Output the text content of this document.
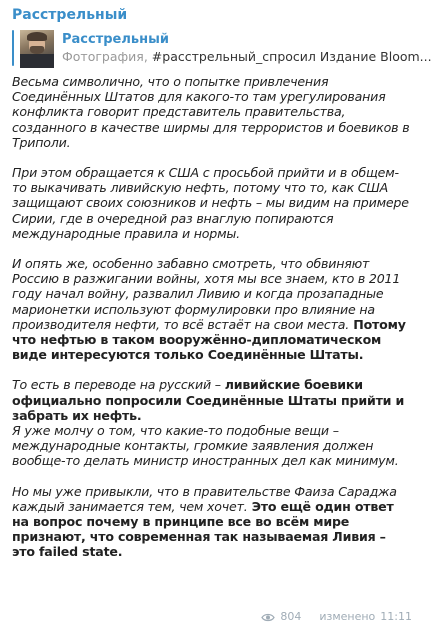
Расстрельный
Расстрельный
Фотография, #расстрельный_спросил Издание Bloom...

Весьма символично, что о попытке привлечения Соединённых Штатов для какого-то там урегулирования конфликта говорит представитель правительства, созданного в качестве ширмы для террористов и боевиков в Триполи.

При этом обращается к США с просьбой прийти и в общем-то выкачивать ливийскую нефть, потому что то, как США защищают своих союзников и нефть – мы видим на примере Сирии, где в очередной раз внаглую попираются международные правила и нормы.

И опять же, особенно забавно смотреть, что обвиняют Россию в разжигании войны, хотя мы все знаем, кто в 2011 году начал войну, развалил Ливию и когда прозападные марионетки используют формулировки про влияние на производителя нефти, то всё встаёт на свои места. Потому что нефтью в таком вооружённо-дипломатическом виде интересуются только Соединённые Штаты.

То есть в переводе на русский – ливийские боевики официально попросили Соединённые Штаты прийти и забрать их нефть.

Я уже молчу о том, что какие-то подобные вещи – международные контакты, громкие заявления должен вообще-то делать министр иностранных дел как минимум.

Но мы уже привыкли, что в правительстве Фаиза Сараджа каждый занимается тем, чем хочет. Это ещё один ответ на вопрос почему в принципе все во всём мире признают, что современная так называемая Ливия – это failed state.

804 изменено 11:11
